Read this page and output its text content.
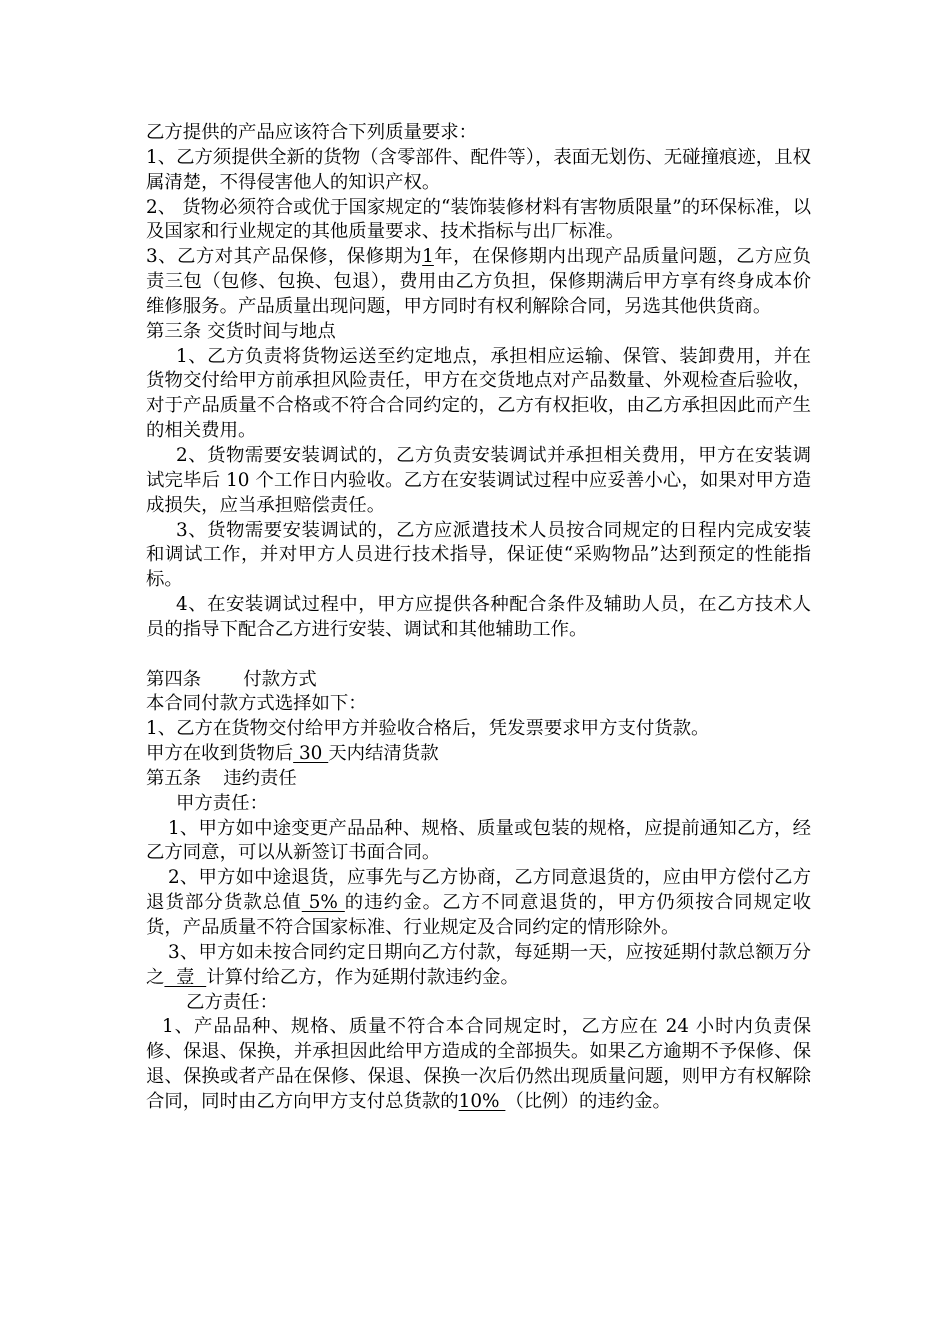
乙方提供的产品应该符合下列质量要求：

1、乙方须提供全新的货物（含零部件、配件等），表面无划伤、无碰撞痕迹，且权属清楚，不得侵害他人的知识产权。

2、 货物必须符合或优于国家规定的“装饰装修材料有害物质限量”的环保标准，以及国家和行业规定的其他质量要求、技术指标与出厂标准。

3、乙方对其产品保修，保修期为1年，在保修期内出现产品质量问题，乙方应负责三包（包修、包换、包退），费用由乙方负担，保修期满后甲方享有终身成本价维修服务。产品质量出现问题，甲方同时有权利解除合同，另选其他供货商。

第三条 交货时间与地点

1、乙方负责将货物运送至约定地点，承担相应运输、保管、装卸费用，并在货物交付给甲方前承担风险责任，甲方在交货地点对产品数量、外观检查后验收，对于产品质量不合格或不符合合同约定的，乙方有权拒收，由乙方承担因此而产生的相关费用。

2、货物需要安装调试的，乙方负责安装调试并承担相关费用，甲方在安装调试完毕后 10 个工作日内验收。乙方在安装调试过程中应妥善小心，如果对甲方造成损失，应当承担赔偿责任。

3、货物需要安装调试的，乙方应派遣技术人员按合同规定的日程内完成安装和调试工作，并对甲方人员进行技术指导，保证使“采购物品”达到预定的性能指标。

4、在安装调试过程中，甲方应提供各种配合条件及辅助人员，在乙方技术人员的指导下配合乙方进行安装、调试和其他辅助工作。

第四条 付款方式

本合同付款方式选择如下：

1、乙方在货物交付给甲方并验收合格后，凭发票要求甲方支付货款。

甲方在收到货物后 30 天内结清货款

第五条 违约责任

甲方责任：

1、甲方如中途变更产品品种、规格、质量或包装的规格，应提前通知乙方，经乙方同意，可以从新签订书面合同。

2、甲方如中途退货，应事先与乙方协商，乙方同意退货的，应由甲方偿付乙方退货部分货款总值 5% 的违约金。乙方不同意退货的，甲方仍须按合同规定收货，产品质量不符合国家标准、行业规定及合同约定的情形除外。

3、甲方如未按合同约定日期向乙方付款，每延期一天，应按延期付款总额万分之  壹  计算付给乙方，作为延期付款违约金。

乙方责任：

1、产品品种、规格、质量不符合本合同规定时，乙方应在 24 小时内负责保修、保退、保换，并承担因此给甲方造成的全部损失。如果乙方逾期不予保修、保退、保换或者产品在保修、保退、保换一次后仍然出现质量问题，则甲方有权解除合同，同时由乙方向甲方支付总货款的10% （比例）的违约金。
